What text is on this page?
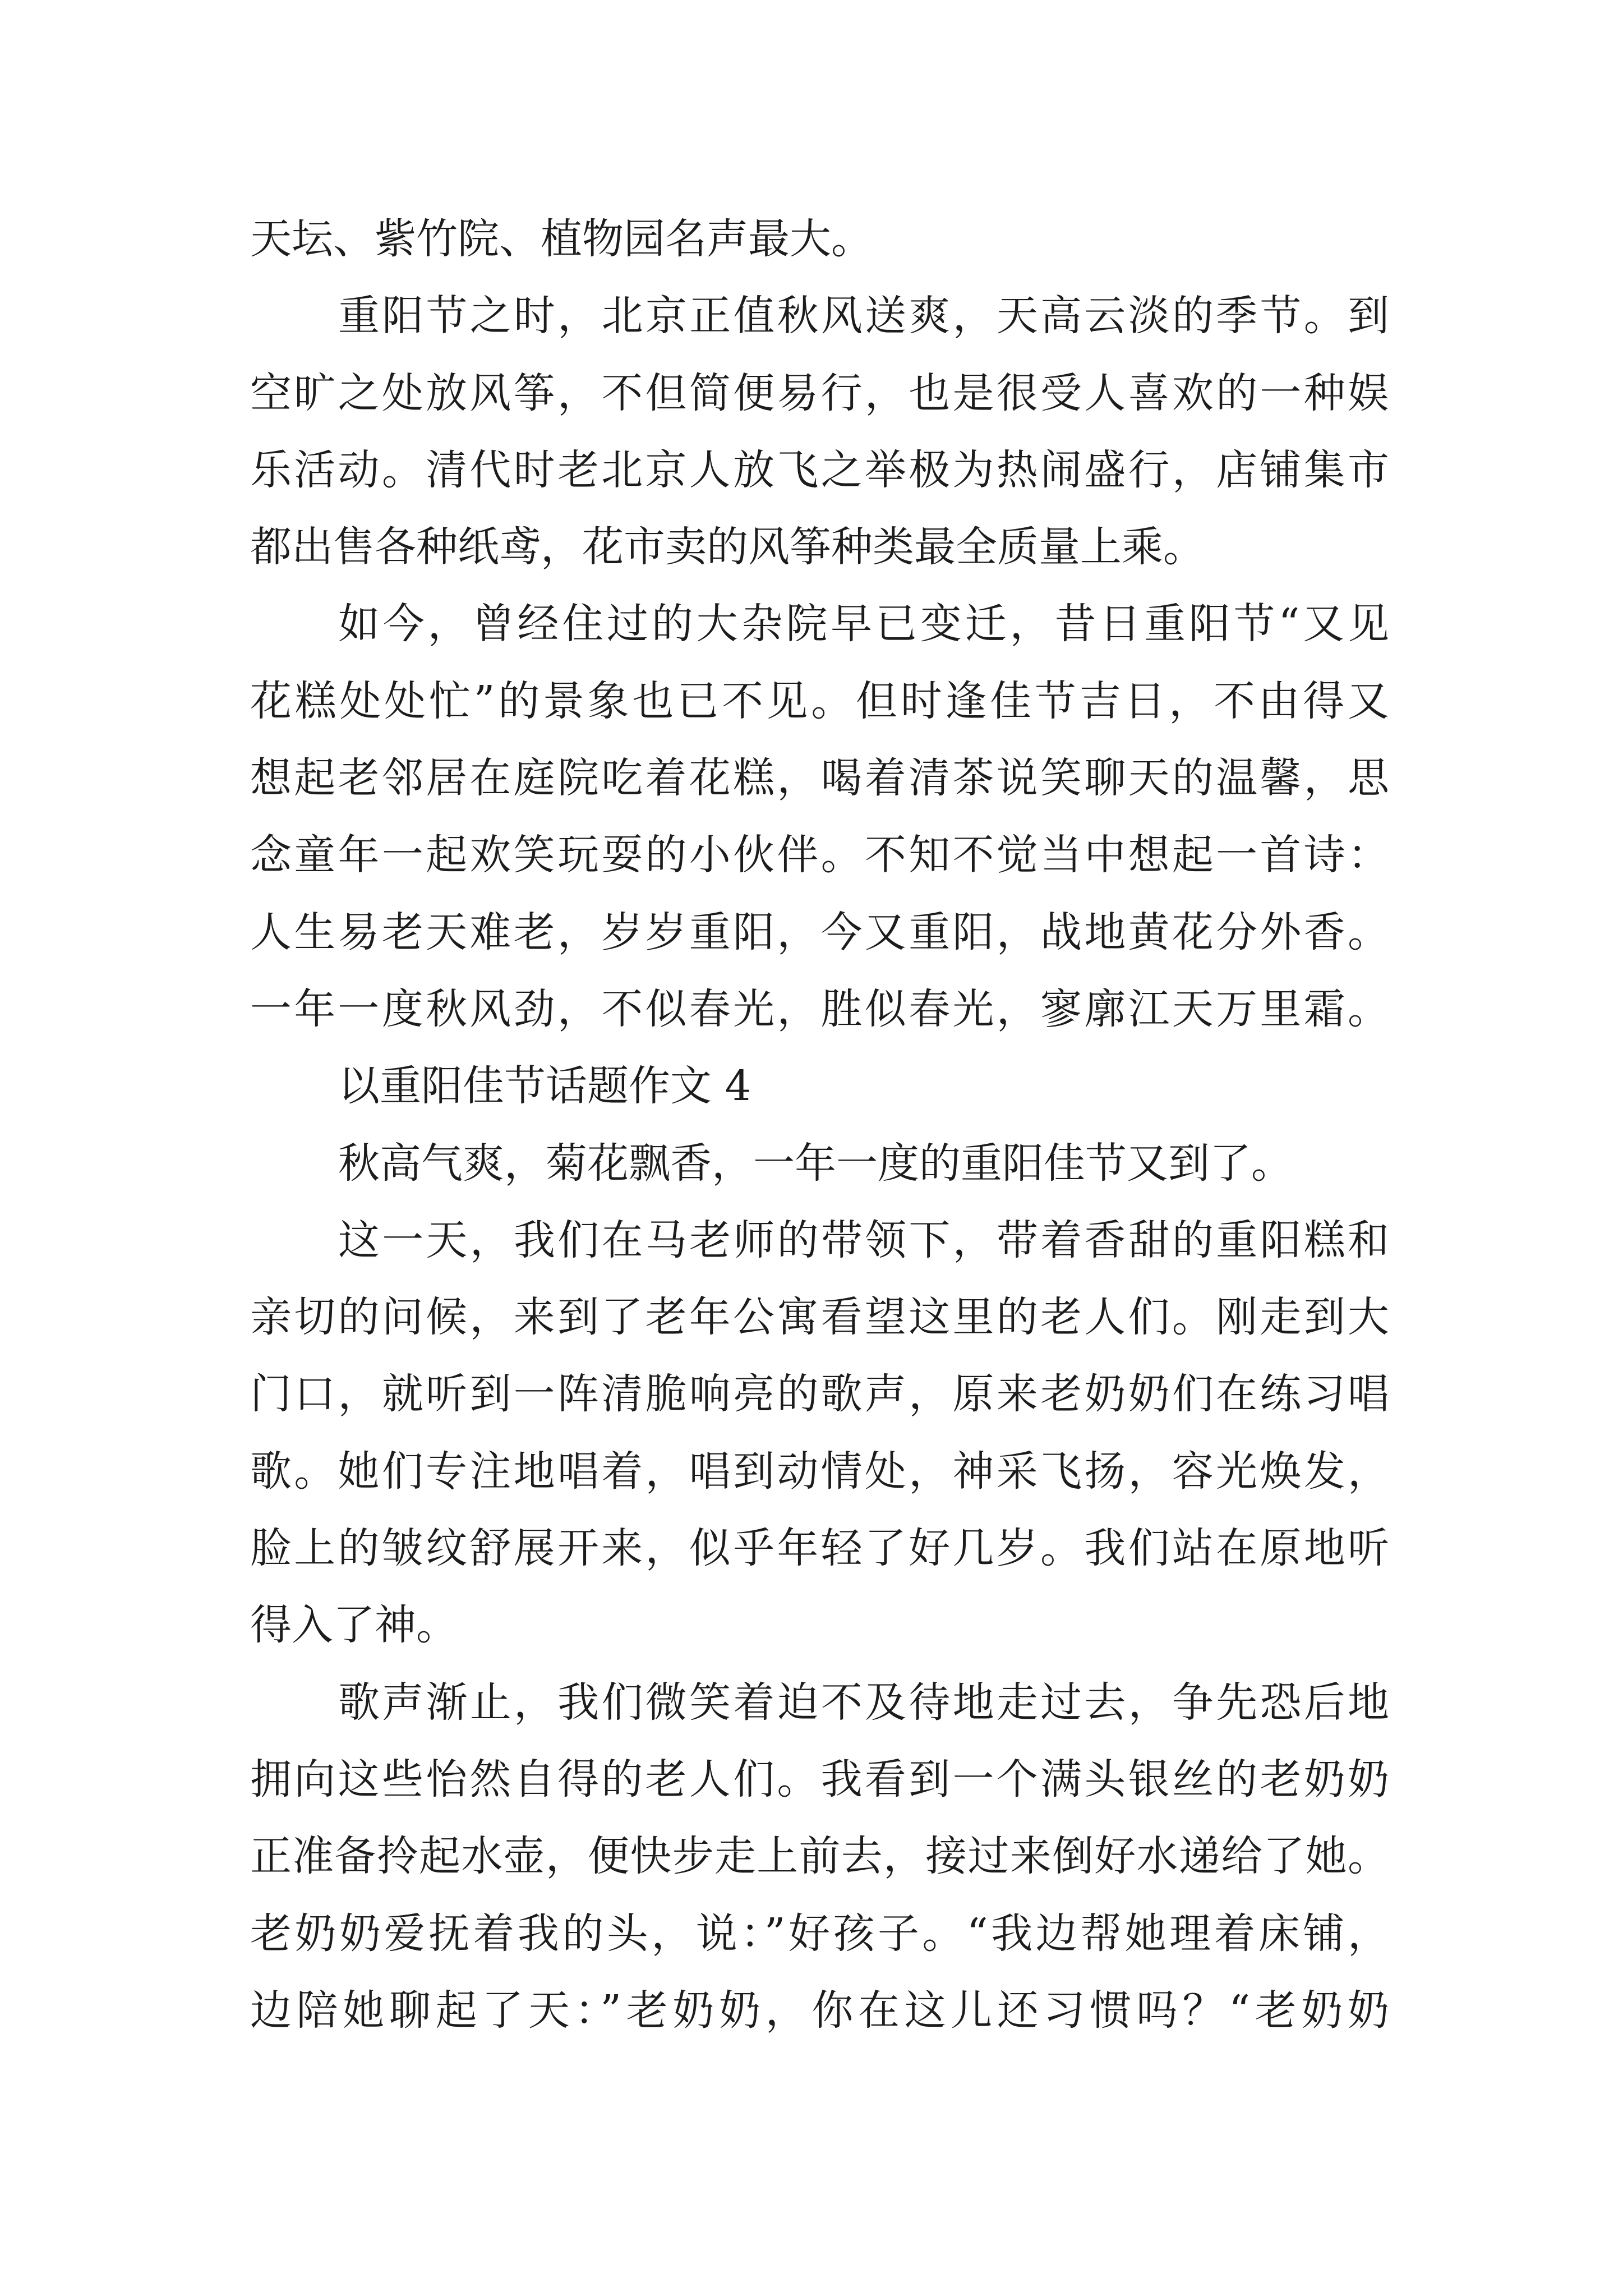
天坛、紫竹院、植物园名声最大。
重阳节之时，北京正值秋风送爽，天高云淡的季节。到
空旷之处放风筝，不但简便易行，也是很受人喜欢的一种娱
乐活动。清代时老北京人放飞之举极为热闹盛行，店铺集市
都出售各种纸鸢，花市卖的风筝种类最全质量上乘。
如今，曾经住过的大杂院早已变迁，昔日重阳节“又见
花糕处处忙”的景象也已不见。但时逢佳节吉日，不由得又
想起老邻居在庭院吃着花糕，喝着清茶说笑聊天的温馨，思
念童年一起欢笑玩耍的小伙伴。不知不觉当中想起一首诗：
人生易老天难老，岁岁重阳，今又重阳，战地黄花分外香。
一年一度秋风劲，不似春光，胜似春光，寥廓江天万里霜。
以重阳佳节话题作文 4
秋高气爽，菊花飘香，一年一度的重阳佳节又到了。
这一天，我们在马老师的带领下，带着香甜的重阳糕和
亲切的问候，来到了老年公寓看望这里的老人们。刚走到大
门口，就听到一阵清脆响亮的歌声，原来老奶奶们在练习唱
歌。她们专注地唱着，唱到动情处，神采飞扬，容光焕发，
脸上的皱纹舒展开来，似乎年轻了好几岁。我们站在原地听
得入了神。
歌声渐止，我们微笑着迫不及待地走过去，争先恐后地
拥向这些怡然自得的老人们。我看到一个满头银丝的老奶奶
正准备拎起水壶，便快步走上前去，接过来倒好水递给了她。
老奶奶爱抚着我的头，说：”好孩子。“我边帮她理着床铺，
边陪她聊起了天：”老奶奶，你在这儿还习惯吗？“老奶奶
